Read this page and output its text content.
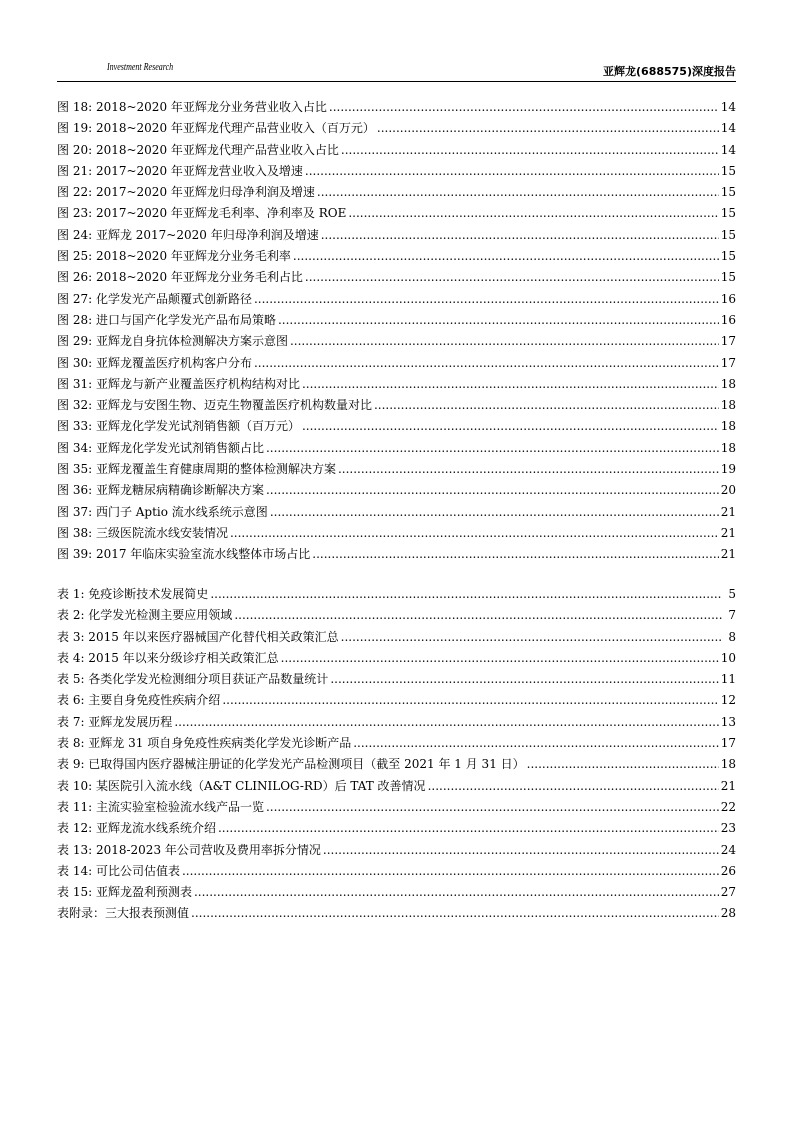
Investment Research	亚辉龙(688575)深度报告
图 18: 2018~2020 年亚辉龙分业务营业收入占比 .....	14
图 19: 2018~2020 年亚辉龙代理产品营业收入（百万元） .....	14
图 20: 2018~2020 年亚辉龙代理产品营业收入占比 .....	14
图 21: 2017~2020 年亚辉龙营业收入及增速 .....	15
图 22: 2017~2020 年亚辉龙归母净利润及增速 .....	15
图 23: 2017~2020 年亚辉龙毛利率、净利率及 ROE .....	15
图 24: 亚辉龙 2017~2020 年归母净利润及增速 .....	15
图 25: 2018~2020 年亚辉龙分业务毛利率 .....	15
图 26: 2018~2020 年亚辉龙分业务毛利占比 .....	15
图 27: 化学发光产品颠覆式创新路径 .....	16
图 28: 进口与国产化学发光产品布局策略 .....	16
图 29: 亚辉龙自身抗体检测解决方案示意图 .....	17
图 30: 亚辉龙覆盖医疗机构客户分布 .....	17
图 31: 亚辉龙与新产业覆盖医疗机构结构对比 .....	18
图 32: 亚辉龙与安图生物、迈克生物覆盖医疗机构数量对比 .....	18
图 33: 亚辉龙化学发光试剂销售额（百万元） .....	18
图 34: 亚辉龙化学发光试剂销售额占比 .....	18
图 35: 亚辉龙覆盖生育健康周期的整体检测解决方案 .....	19
图 36: 亚辉龙糖尿病精确诊断解决方案 .....	20
图 37: 西门子 Aptio 流水线系统示意图 .....	21
图 38: 三级医院流水线安装情况 .....	21
图 39: 2017 年临床实验室流水线整体市场占比 .....	21
表 1: 免疫诊断技术发展简史 .....	5
表 2: 化学发光检测主要应用领域 .....	7
表 3: 2015 年以来医疗器械国产化替代相关政策汇总 .....	8
表 4: 2015 年以来分级诊疗相关政策汇总 .....	10
表 5: 各类化学发光检测细分项目获证产品数量统计 .....	11
表 6: 主要自身免疫性疾病介绍 .....	12
表 7: 亚辉龙发展历程 .....	13
表 8: 亚辉龙 31 项自身免疫性疾病类化学发光诊断产品 .....	17
表 9: 已取得国内医疗器械注册证的化学发光产品检测项目（截至 2021 年 1 月 31 日） .....	18
表 10: 某医院引入流水线（A&T CLINILOG-RD）后 TAT 改善情况 .....	21
表 11: 主流实验室检验流水线产品一览 .....	22
表 12: 亚辉龙流水线系统介绍 .....	23
表 13: 2018-2023 年公司营收及费用率拆分情况 .....	24
表 14: 可比公司估值表 .....	26
表 15: 亚辉龙盈利预测表 .....	27
表附录：三大报表预测值 .....	28
